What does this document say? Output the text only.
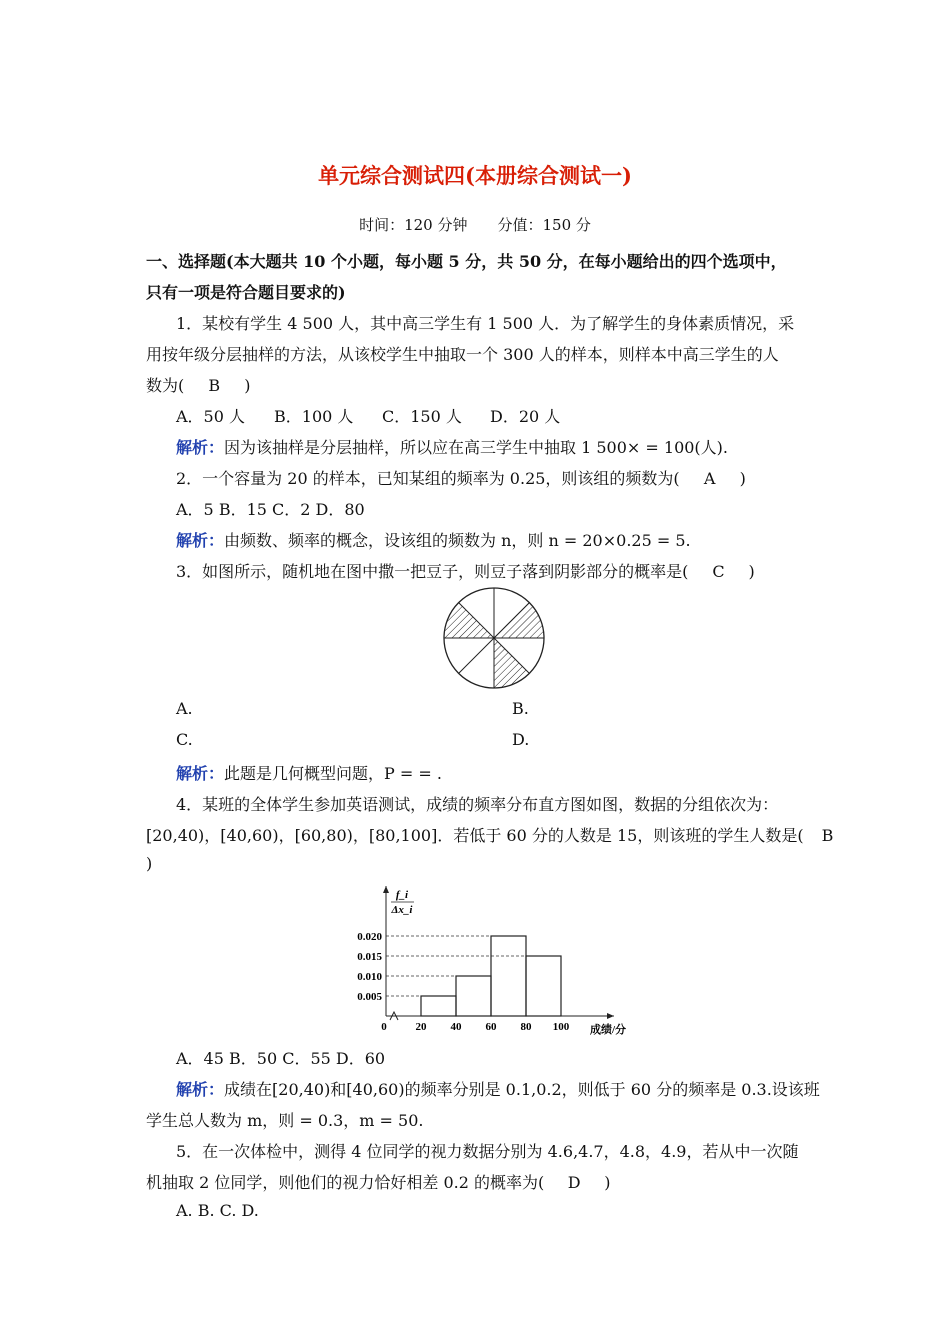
单元综合测试四(本册综合测试一)
时间：120 分钟　　分值：150 分
一、选择题(本大题共 10 个小题，每小题 5 分，共 50 分，在每小题给出的四个选项中，
只有一项是符合题目要求的)
1．某校有学生 4 500 人，其中高三学生有 1 500 人．为了解学生的身体素质情况，采
用按年级分层抽样的方法，从该校学生中抽取一个 300 人的样本，则样本中高三学生的人
数为( B )
A．50 人 B．100 人 C．150 人 D．20 人
解析：因为该抽样是分层抽样，所以应在高三学生中抽取 1 500× = 100(人).
2．一个容量为 20 的样本，已知某组的频率为 0.25，则该组的频数为( A )
A．5 B．15 C．2 D．80
解析：由频数、频率的概念，设该组的频数为 n，则 n = 20×0.25 = 5.
3．如图所示，随机地在图中撒一把豆子，则豆子落到阴影部分的概率是( C )
A.	B.
C.	D.
解析：此题是几何概型问题，P = = .
4．某班的全体学生参加英语测试，成绩的频率分布直方图如图，数据的分组依次为：
[20,40)，[40,60)，[60,80)，[80,100]．若低于 60 分的人数是 15，则该班的学生人数是( B
)
0.005
0.010
0.015
0.020
20 40 60 80 100
0	成绩/分
f_i
Δx_i
A．45 B．50 C．55 D．60
解析：成绩在[20,40)和[40,60)的频率分别是 0.1,0.2，则低于 60 分的频率是 0.3.设该班
学生总人数为 m，则 = 0.3，m = 50.
5．在一次体检中，测得 4 位同学的视力数据分别为 4.6,4.7，4.8，4.9，若从中一次随
机抽取 2 位同学，则他们的视力恰好相差 0.2 的概率为( D )
A. B. C. D.
